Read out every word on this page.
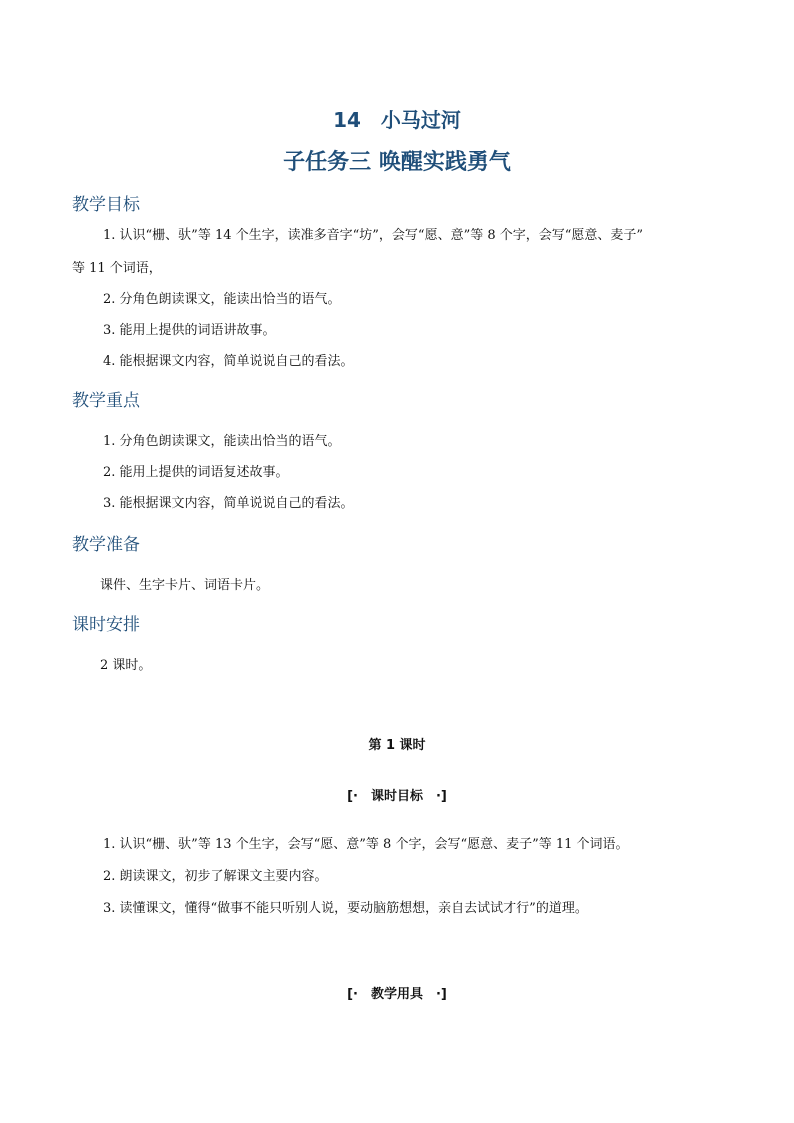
14　小马过河
子任务三 唤醒实践勇气
教学目标
1. 认识“栅、驮”等 14 个生字，读准多音字“坊”，会写“愿、意”等 8 个字，会写“愿意、麦子”
等 11 个词语，
2. 分角色朗读课文，能读出恰当的语气。
3. 能用上提供的词语讲故事。
4. 能根据课文内容，简单说说自己的看法。
教学重点
1. 分角色朗读课文，能读出恰当的语气。
2. 能用上提供的词语复述故事。
3. 能根据课文内容，简单说说自己的看法。
教学准备
课件、生字卡片、词语卡片。
课时安排
2 课时。
第 1 课时
[·　课时目标　·]
1. 认识“栅、驮”等 13 个生字，会写“愿、意”等 8 个字，会写“愿意、麦子”等 11 个词语。
2. 朗读课文，初步了解课文主要内容。
3. 读懂课文，懂得“做事不能只听别人说，要动脑筋想想，亲自去试试才行”的道理。
[·　教学用具　·]
